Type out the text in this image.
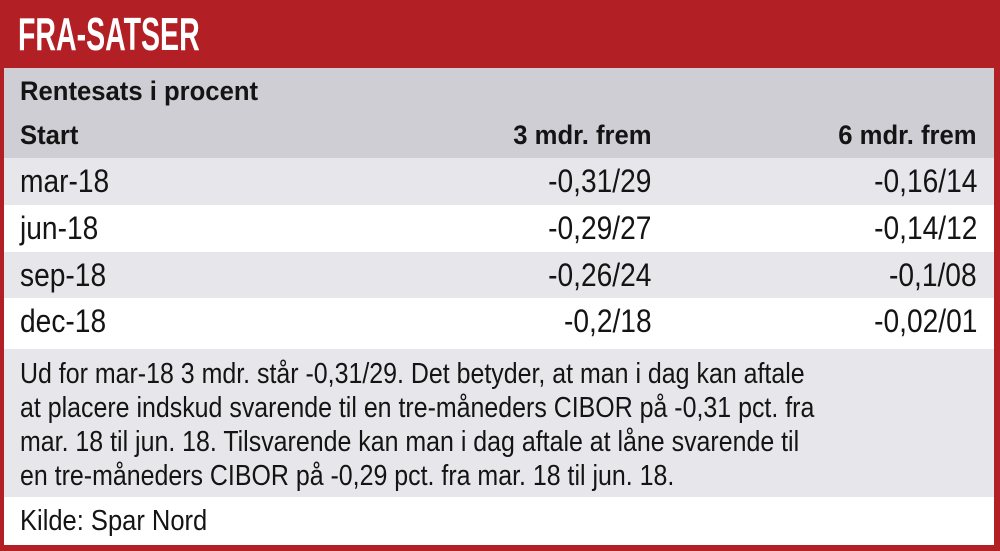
FRA-SATSER
Rentesats i procent
Start	3 mdr. frem	6 mdr. frem
mar-18	-0,31/29	-0,16/14
jun-18	-0,29/27	-0,14/12
sep-18	-0,26/24	-0,1/08
dec-18	-0,2/18	-0,02/01
Ud for mar-18 3 mdr. står -0,31/29. Det betyder, at man i dag kan aftale
at placere indskud svarende til en tre-måneders CIBOR på -0,31 pct. fra
mar. 18 til jun. 18. Tilsvarende kan man i dag aftale at låne svarende til
en tre-måneders CIBOR på -0,29 pct. fra mar. 18 til jun. 18.
Kilde: Spar Nord
